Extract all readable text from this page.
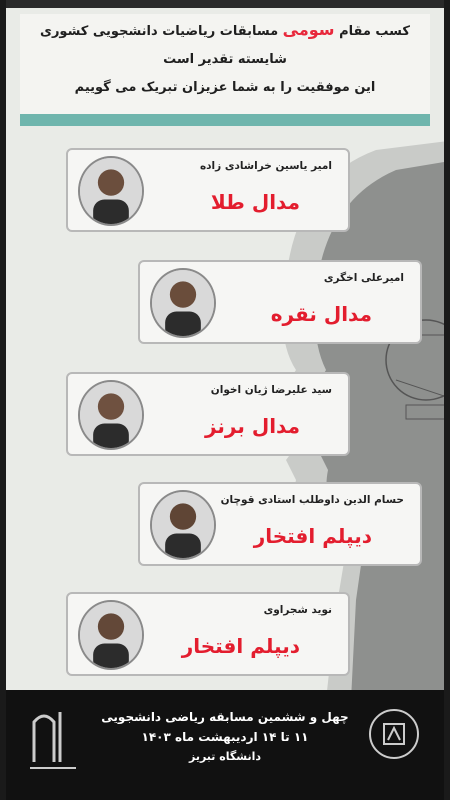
کسب مقام سومی مسابقات ریاضیات دانشجویی کشوری
شایسته تقدیر است
این موفقیت را به شما عزیزان تبریک می گوییم
امیر یاسین خراشادی زاده
مدال طلا
امیرعلی اخگری
مدال نقره
سید علیرضا ژیان اخوان
مدال برنز
حسام الدین داوطلب استادی قوچان
دیپلم افتخار
نوید شجراوی
دیپلم افتخار
چهل و ششمین مسابقه ریاضی دانشجویی
۱۱ تا ۱۴ اردیبهشت ماه ۱۴۰۳
دانشگاه تبریز
